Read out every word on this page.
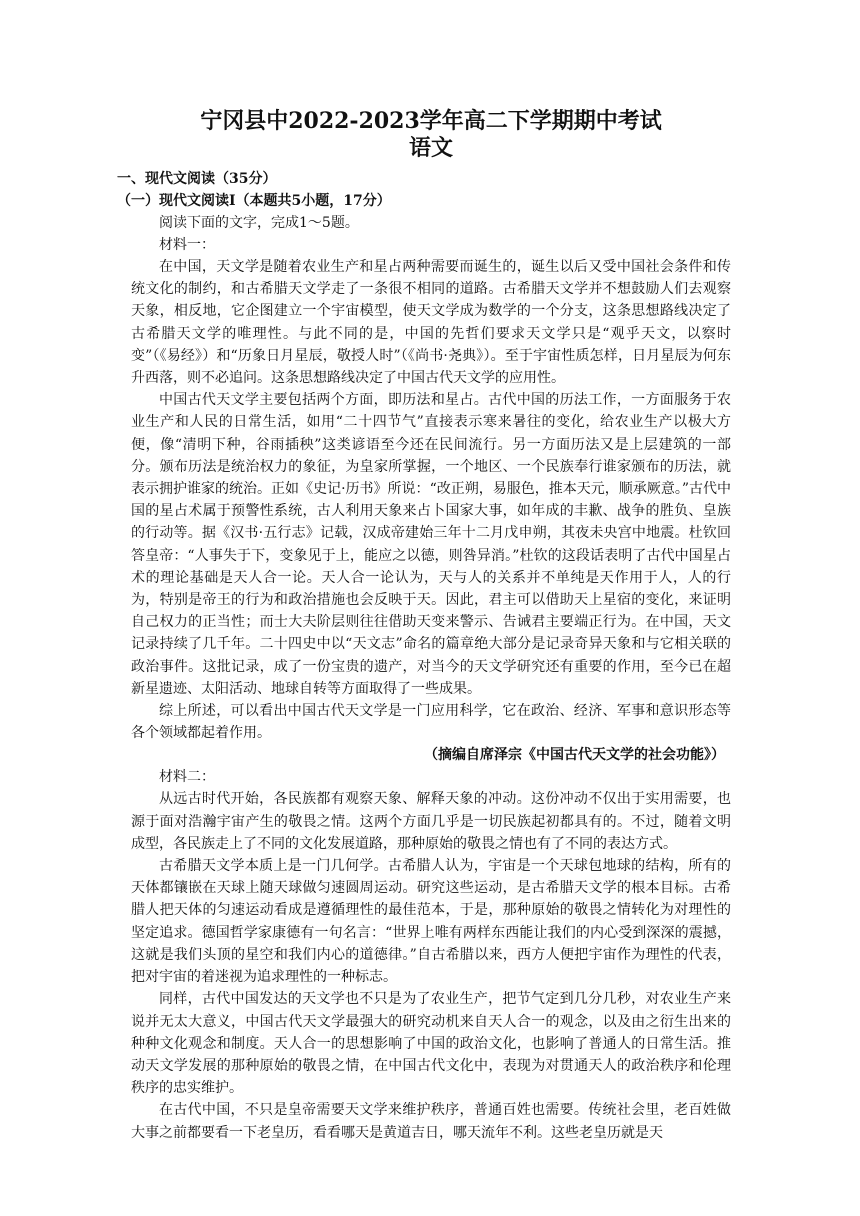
宁冈县中2022-2023学年高二下学期期中考试
语文

一、现代文阅读（35分）

（一）现代文阅读Ⅰ（本题共5小题，17分）

阅读下面的文字，完成1～5题。

材料一：

在中国，天文学是随着农业生产和星占两种需要而诞生的，诞生以后又受中国社会条件和传统文化的制约，和古希腊天文学走了一条很不相同的道路。古希腊天文学并不想鼓励人们去观察天象，相反地，它企图建立一个宇宙模型，使天文学成为数学的一个分支，这条思想路线决定了古希腊天文学的唯理性。与此不同的是，中国的先哲们要求天文学只是“观乎天文，以察时变”（《易经》）和“历象日月星辰，敬授人时”（《尚书·尧典》）。至于宇宙性质怎样，日月星辰为何东升西落，则不必追问。这条思想路线决定了中国古代天文学的应用性。

中国古代天文学主要包括两个方面，即历法和星占。古代中国的历法工作，一方面服务于农业生产和人民的日常生活，如用“二十四节气”直接表示寒来暑往的变化，给农业生产以极大方便，像“清明下种，谷雨插秧”这类谚语至今还在民间流行。另一方面历法又是上层建筑的一部分。颁布历法是统治权力的象征，为皇家所掌握，一个地区、一个民族奉行谁家颁布的历法，就表示拥护谁家的统治。正如《史记·历书》所说：“改正朔，易服色，推本天元，顺承厥意。”古代中国的星占术属于预警性系统，古人利用天象来占卜国家大事，如年成的丰歉、战争的胜负、皇族的行动等。据《汉书·五行志》记载，汉成帝建始三年十二月戊申朔，其夜未央宫中地震。杜钦回答皇帝：“人事失于下，变象见于上，能应之以德，则咎异消。”杜钦的这段话表明了古代中国星占术的理论基础是天人合一论。天人合一论认为，天与人的关系并不单纯是天作用于人，人的行为，特别是帝王的行为和政治措施也会反映于天。因此，君主可以借助天上星宿的变化，来证明自己权力的正当性；而士大夫阶层则往往借助天变来警示、告诫君主要端正行为。在中国，天文记录持续了几千年。二十四史中以“天文志”命名的篇章绝大部分是记录奇异天象和与它相关联的政治事件。这批记录，成了一份宝贵的遗产，对当今的天文学研究还有重要的作用，至今已在超新星遗迹、太阳活动、地球自转等方面取得了一些成果。

综上所述，可以看出中国古代天文学是一门应用科学，它在政治、经济、军事和意识形态等各个领域都起着作用。

（摘编自席泽宗《中国古代天文学的社会功能》）

材料二：

从远古时代开始，各民族都有观察天象、解释天象的冲动。这份冲动不仅出于实用需要，也源于面对浩瀚宇宙产生的敬畏之情。这两个方面几乎是一切民族起初都具有的。不过，随着文明成型，各民族走上了不同的文化发展道路，那种原始的敬畏之情也有了不同的表达方式。

古希腊天文学本质上是一门几何学。古希腊人认为，宇宙是一个天球包地球的结构，所有的天体都镶嵌在天球上随天球做匀速圆周运动。研究这些运动，是古希腊天文学的根本目标。古希腊人把天体的匀速运动看成是遵循理性的最佳范本，于是，那种原始的敬畏之情转化为对理性的坚定追求。德国哲学家康德有一句名言：“世界上唯有两样东西能让我们的内心受到深深的震撼，这就是我们头顶的星空和我们内心的道德律。”自古希腊以来，西方人便把宇宙作为理性的代表，把对宇宙的着迷视为追求理性的一种标志。

同样，古代中国发达的天文学也不只是为了农业生产，把节气定到几分几秒，对农业生产来说并无太大意义，中国古代天文学最强大的研究动机来自天人合一的观念，以及由之衍生出来的种种文化观念和制度。天人合一的思想影响了中国的政治文化，也影响了普通人的日常生活。推动天文学发展的那种原始的敬畏之情，在中国古代文化中，表现为对贯通天人的政治秩序和伦理秩序的忠实维护。

在古代中国，不只是皇帝需要天文学来维护秩序，普通百姓也需要。传统社会里，老百姓做大事之前都要看一下老皇历，看看哪天是黄道吉日，哪天流年不利。这些老皇历就是天
